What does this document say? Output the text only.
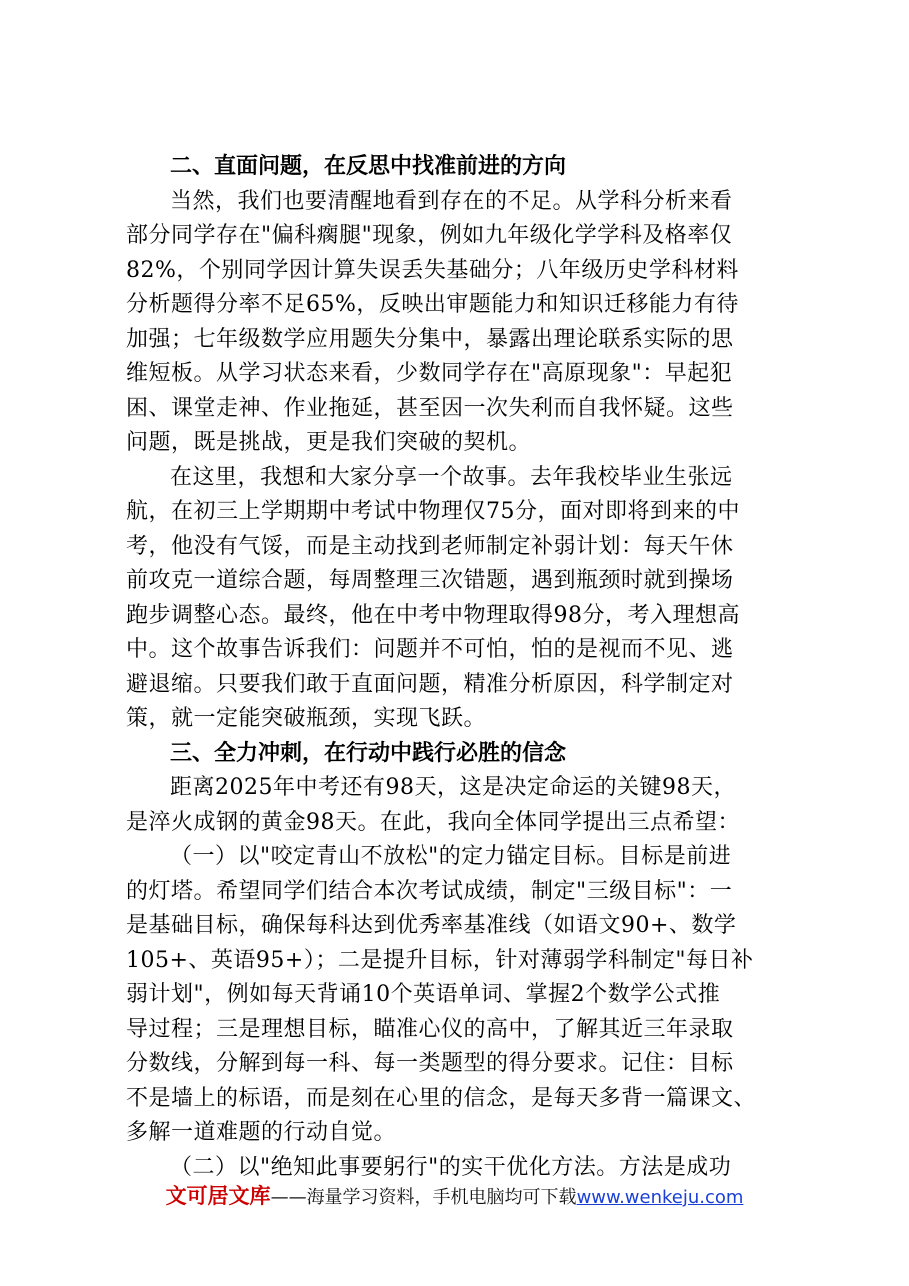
二、直面问题，在反思中找准前进的方向
当然，我们也要清醒地看到存在的不足。从学科分析来看
部分同学存在"偏科瘸腿"现象，例如九年级化学学科及格率仅
82%，个别同学因计算失误丢失基础分；八年级历史学科材料
分析题得分率不足65%，反映出审题能力和知识迁移能力有待
加强；七年级数学应用题失分集中，暴露出理论联系实际的思
维短板。从学习状态来看，少数同学存在"高原现象"：早起犯
困、课堂走神、作业拖延，甚至因一次失利而自我怀疑。这些
问题，既是挑战，更是我们突破的契机。
在这里，我想和大家分享一个故事。去年我校毕业生张远
航，在初三上学期期中考试中物理仅75分，面对即将到来的中
考，他没有气馁，而是主动找到老师制定补弱计划：每天午休
前攻克一道综合题，每周整理三次错题，遇到瓶颈时就到操场
跑步调整心态。最终，他在中考中物理取得98分，考入理想高
中。这个故事告诉我们：问题并不可怕，怕的是视而不见、逃
避退缩。只要我们敢于直面问题，精准分析原因，科学制定对
策，就一定能突破瓶颈，实现飞跃。
三、全力冲刺，在行动中践行必胜的信念
距离2025年中考还有98天，这是决定命运的关键98天，
是淬火成钢的黄金98天。在此，我向全体同学提出三点希望：
（一）以"咬定青山不放松"的定力锚定目标。目标是前进
的灯塔。希望同学们结合本次考试成绩，制定"三级目标"：一
是基础目标，确保每科达到优秀率基准线（如语文90+、数学
105+、英语95+）；二是提升目标，针对薄弱学科制定"每日补
弱计划"，例如每天背诵10个英语单词、掌握2个数学公式推
导过程；三是理想目标，瞄准心仪的高中，了解其近三年录取
分数线，分解到每一科、每一类题型的得分要求。记住：目标
不是墙上的标语，而是刻在心里的信念，是每天多背一篇课文、
多解一道难题的行动自觉。
（二）以"绝知此事要躬行"的实干优化方法。方法是成功
文可居文库——海量学习资料，手机电脑均可下载www.wenkeju.com
